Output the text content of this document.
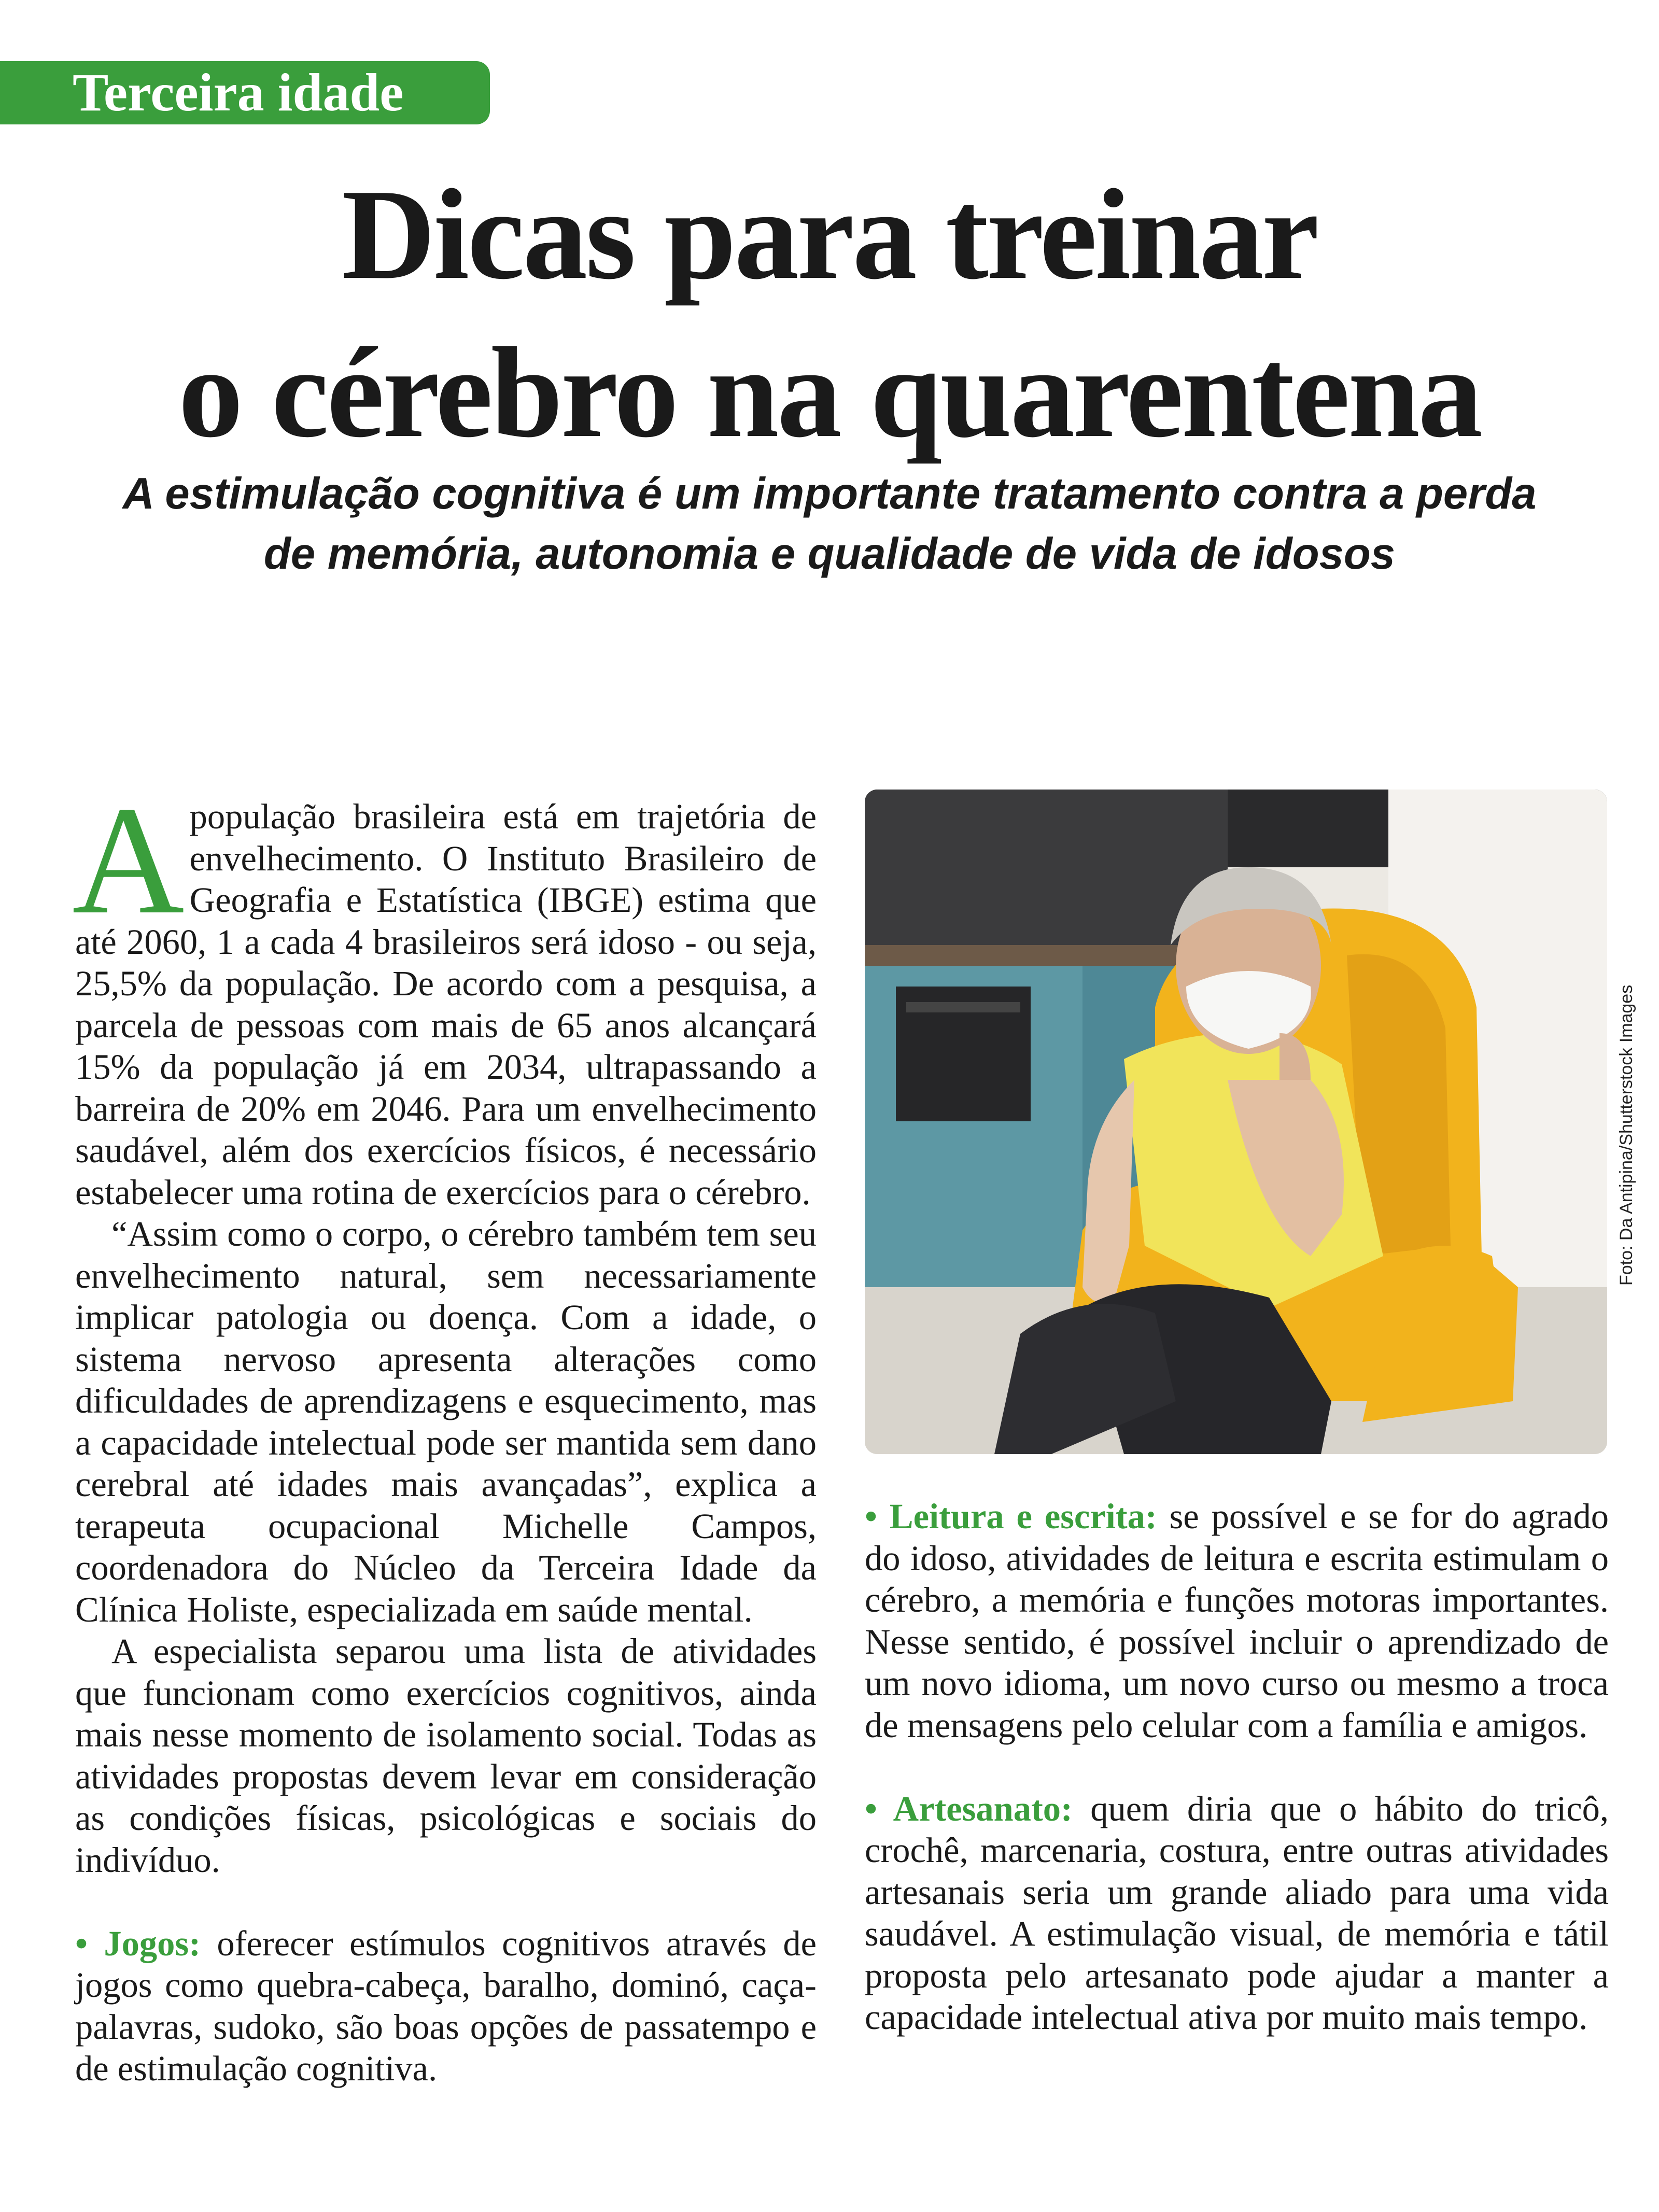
Terceira idade
Dicas para treinar
o cérebro na quarentena
A estimulação cognitiva é um importante tratamento contra a perda
de memória, autonomia e qualidade de vida de idosos

Apopulação brasileira está em trajetória de envelhecimento. O Instituto Brasileiro de Geografia e Estatística (IBGE) estima que até 2060, 1 a cada 4 brasileiros será idoso - ou seja, 25,5% da população. De acordo com a pesquisa, a parcela de pessoas com mais de 65 anos alcançará 15% da população já em 2034, ultrapassando a barreira de 20% em 2046. Para um envelhecimento saudável, além dos exercícios físicos, é necessário estabelecer uma rotina de exercícios para o cérebro.

“Assim como o corpo, o cérebro também tem seu envelhecimento natural, sem necessariamente implicar patologia ou doença. Com a idade, o sistema nervoso apresenta alterações como dificuldades de aprendizagens e esquecimento, mas a capacidade intelectual pode ser mantida sem dano cerebral até idades mais avançadas”, explica a terapeuta ocupacional Michelle Campos, coordenadora do Núcleo da Terceira Idade da Clínica Holiste, especializada em saúde mental.

A especialista separou uma lista de atividades que funcionam como exercícios cognitivos, ainda mais nesse momento de isolamento social. Todas as atividades propostas devem levar em consideração as condições físicas, psicológicas e sociais do indivíduo.

• Jogos: oferecer estímulos cognitivos através de jogos como quebra-cabeça, baralho, dominó, caça-palavras, sudoko, são boas opções de passatempo e de estimulação cognitiva.

Foto: Da Antipina/Shutterstock Images

• Leitura e escrita: se possível e se for do agrado do idoso, atividades de leitura e escrita estimulam o cérebro, a memória e funções motoras importantes. Nesse sentido, é possível incluir o aprendizado de um novo idioma, um novo curso ou mesmo a troca de mensagens pelo celular com a família e amigos.

• Artesanato: quem diria que o hábito do tricô, crochê, marcenaria, costura, entre outras atividades artesanais seria um grande aliado para uma vida saudável. A estimulação visual, de memória e tátil proposta pelo artesanato pode ajudar a manter a capacidade intelectual ativa por muito mais tempo.
